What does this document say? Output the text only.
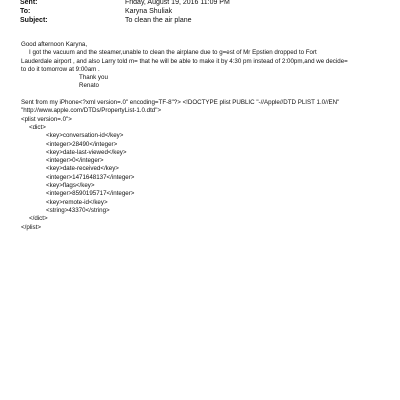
Sent:	Friday, August 19, 2016 11:09 PM
To:	Karyna Shuliak
Subject:	To clean the air plane

Good afternoon Karyna,

I got the vacuum and the steamer,unable to clean the airplane due to g=est of Mr Epstien dropped to Fort

Lauderdale airport , and also Larry told m= that he will be able to make it by 4:30 pm instead of 2:00pm,and we decide=

to do it tomorrow at 9:00am .

Thank you

Renato

Sent from my iPhone<?xml version=.0" encoding=TF-8"?> <!DOCTYPE plist PUBLIC "-//Apple//DTD PLIST 1.0//EN"

"http://www.apple.com/DTDs/PropertyList-1.0.dtd">

<plist version=.0">

<dict>

<key>conversation-id</key>

<integer>28490</integer>

<key>date-last-viewed</key>

<integer>0</integer>

<key>date-received</key>

<integer>1471648137</integer>

<key>flags</key>

<integer>8590195717</integer>

<key>remote-id</key>

<string>43370</string>

</dict>

</plist>
